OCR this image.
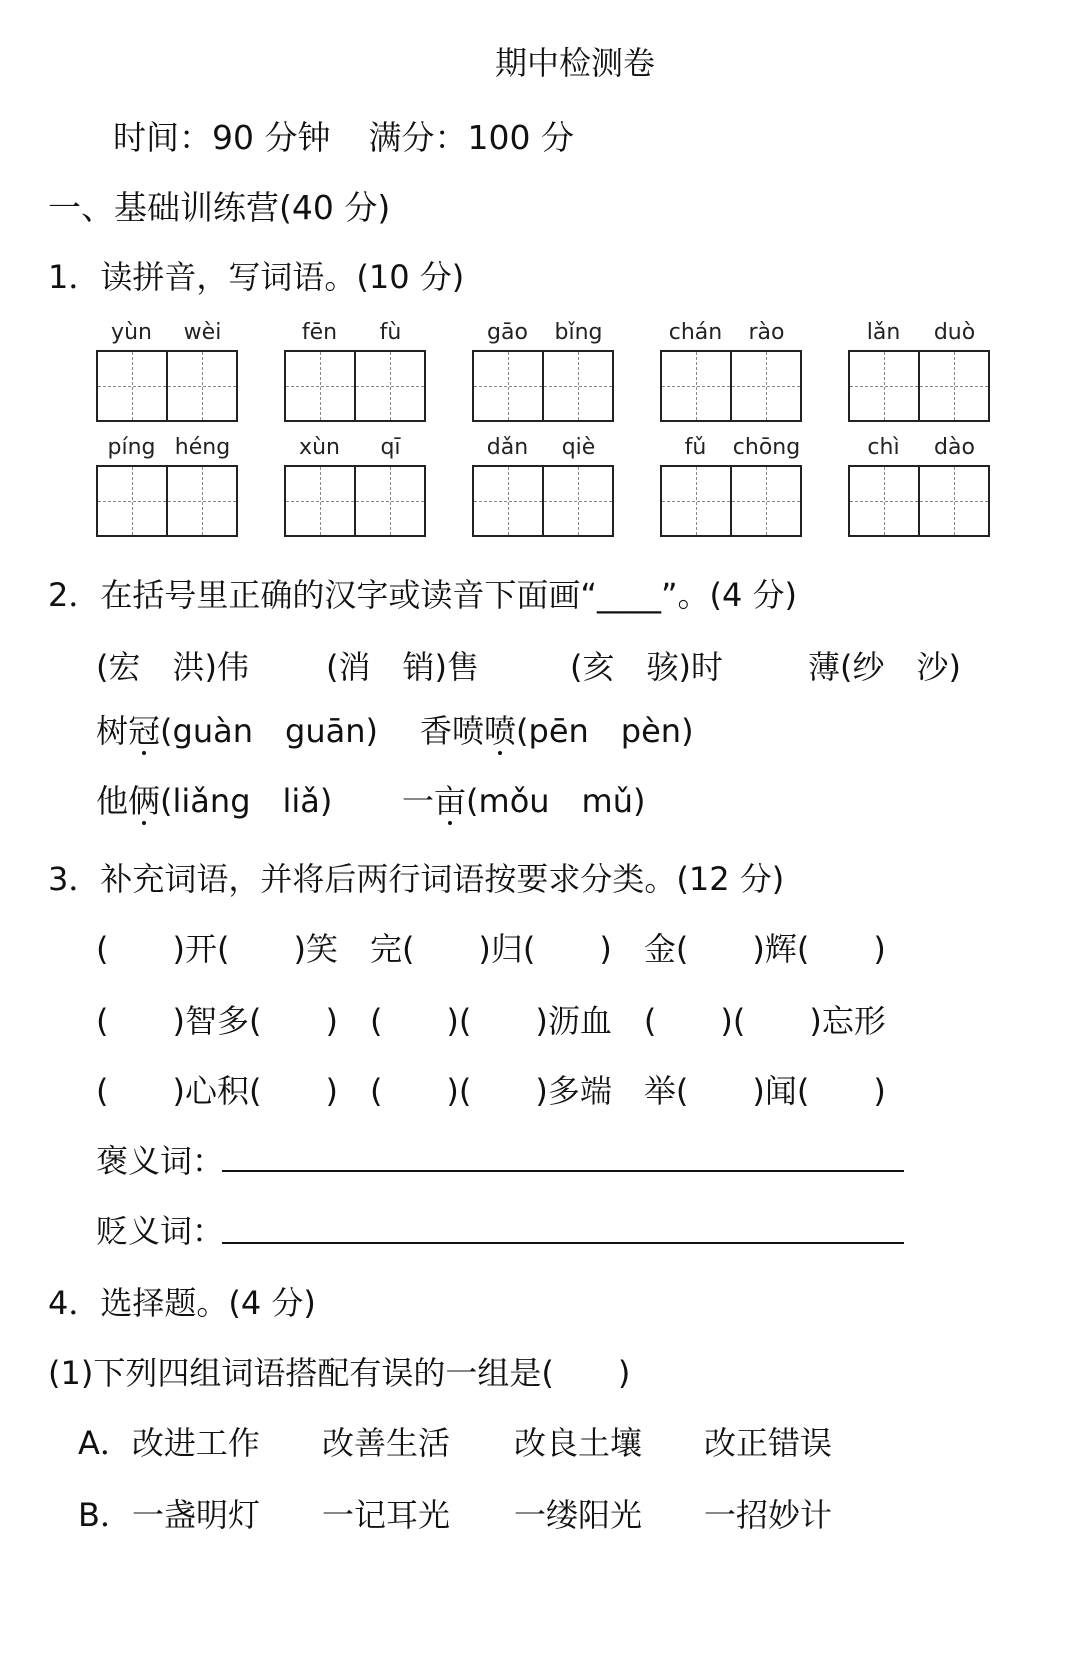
期中检测卷
时间：90 分钟 满分：100 分
一、基础训练营(40 分)
1．读拼音，写词语。(10 分)
yùn	wèi	fēn	fù	gāo	bǐng	chán	rào	lǎn	duò
píng héng	xùn	qī	dǎn	qiè	fǔ	chōng	chì	dào
2．在括号里正确的汉字或读音下面画“____”。(4 分)
(宏　洪)伟 (消　销)售	(亥　骇)时	薄(纱　沙)
树冠(guàn　guān) 香喷喷(pēn　pèn)
他俩(liǎng　liǎ) 一亩(mǒu　mǔ)
3．补充词语，并将后两行词语按要求分类。(12 分)
(　　)开(　　)笑　完(　　)归(　　)　金(　　)辉(　　)
(　　)智多(　　)　(　　)(　　)沥血　(　　)(　　)忘形
(　　)心积(　　)　(　　)(　　)多端　举(　　)闻(　　)
褒义词：
贬义词：
4．选择题。(4 分)
(1)下列四组词语搭配有误的一组是(　　)
A．改进工作 改善生活 改良土壤 改正错误
B．一盏明灯 一记耳光 一缕阳光 一招妙计
